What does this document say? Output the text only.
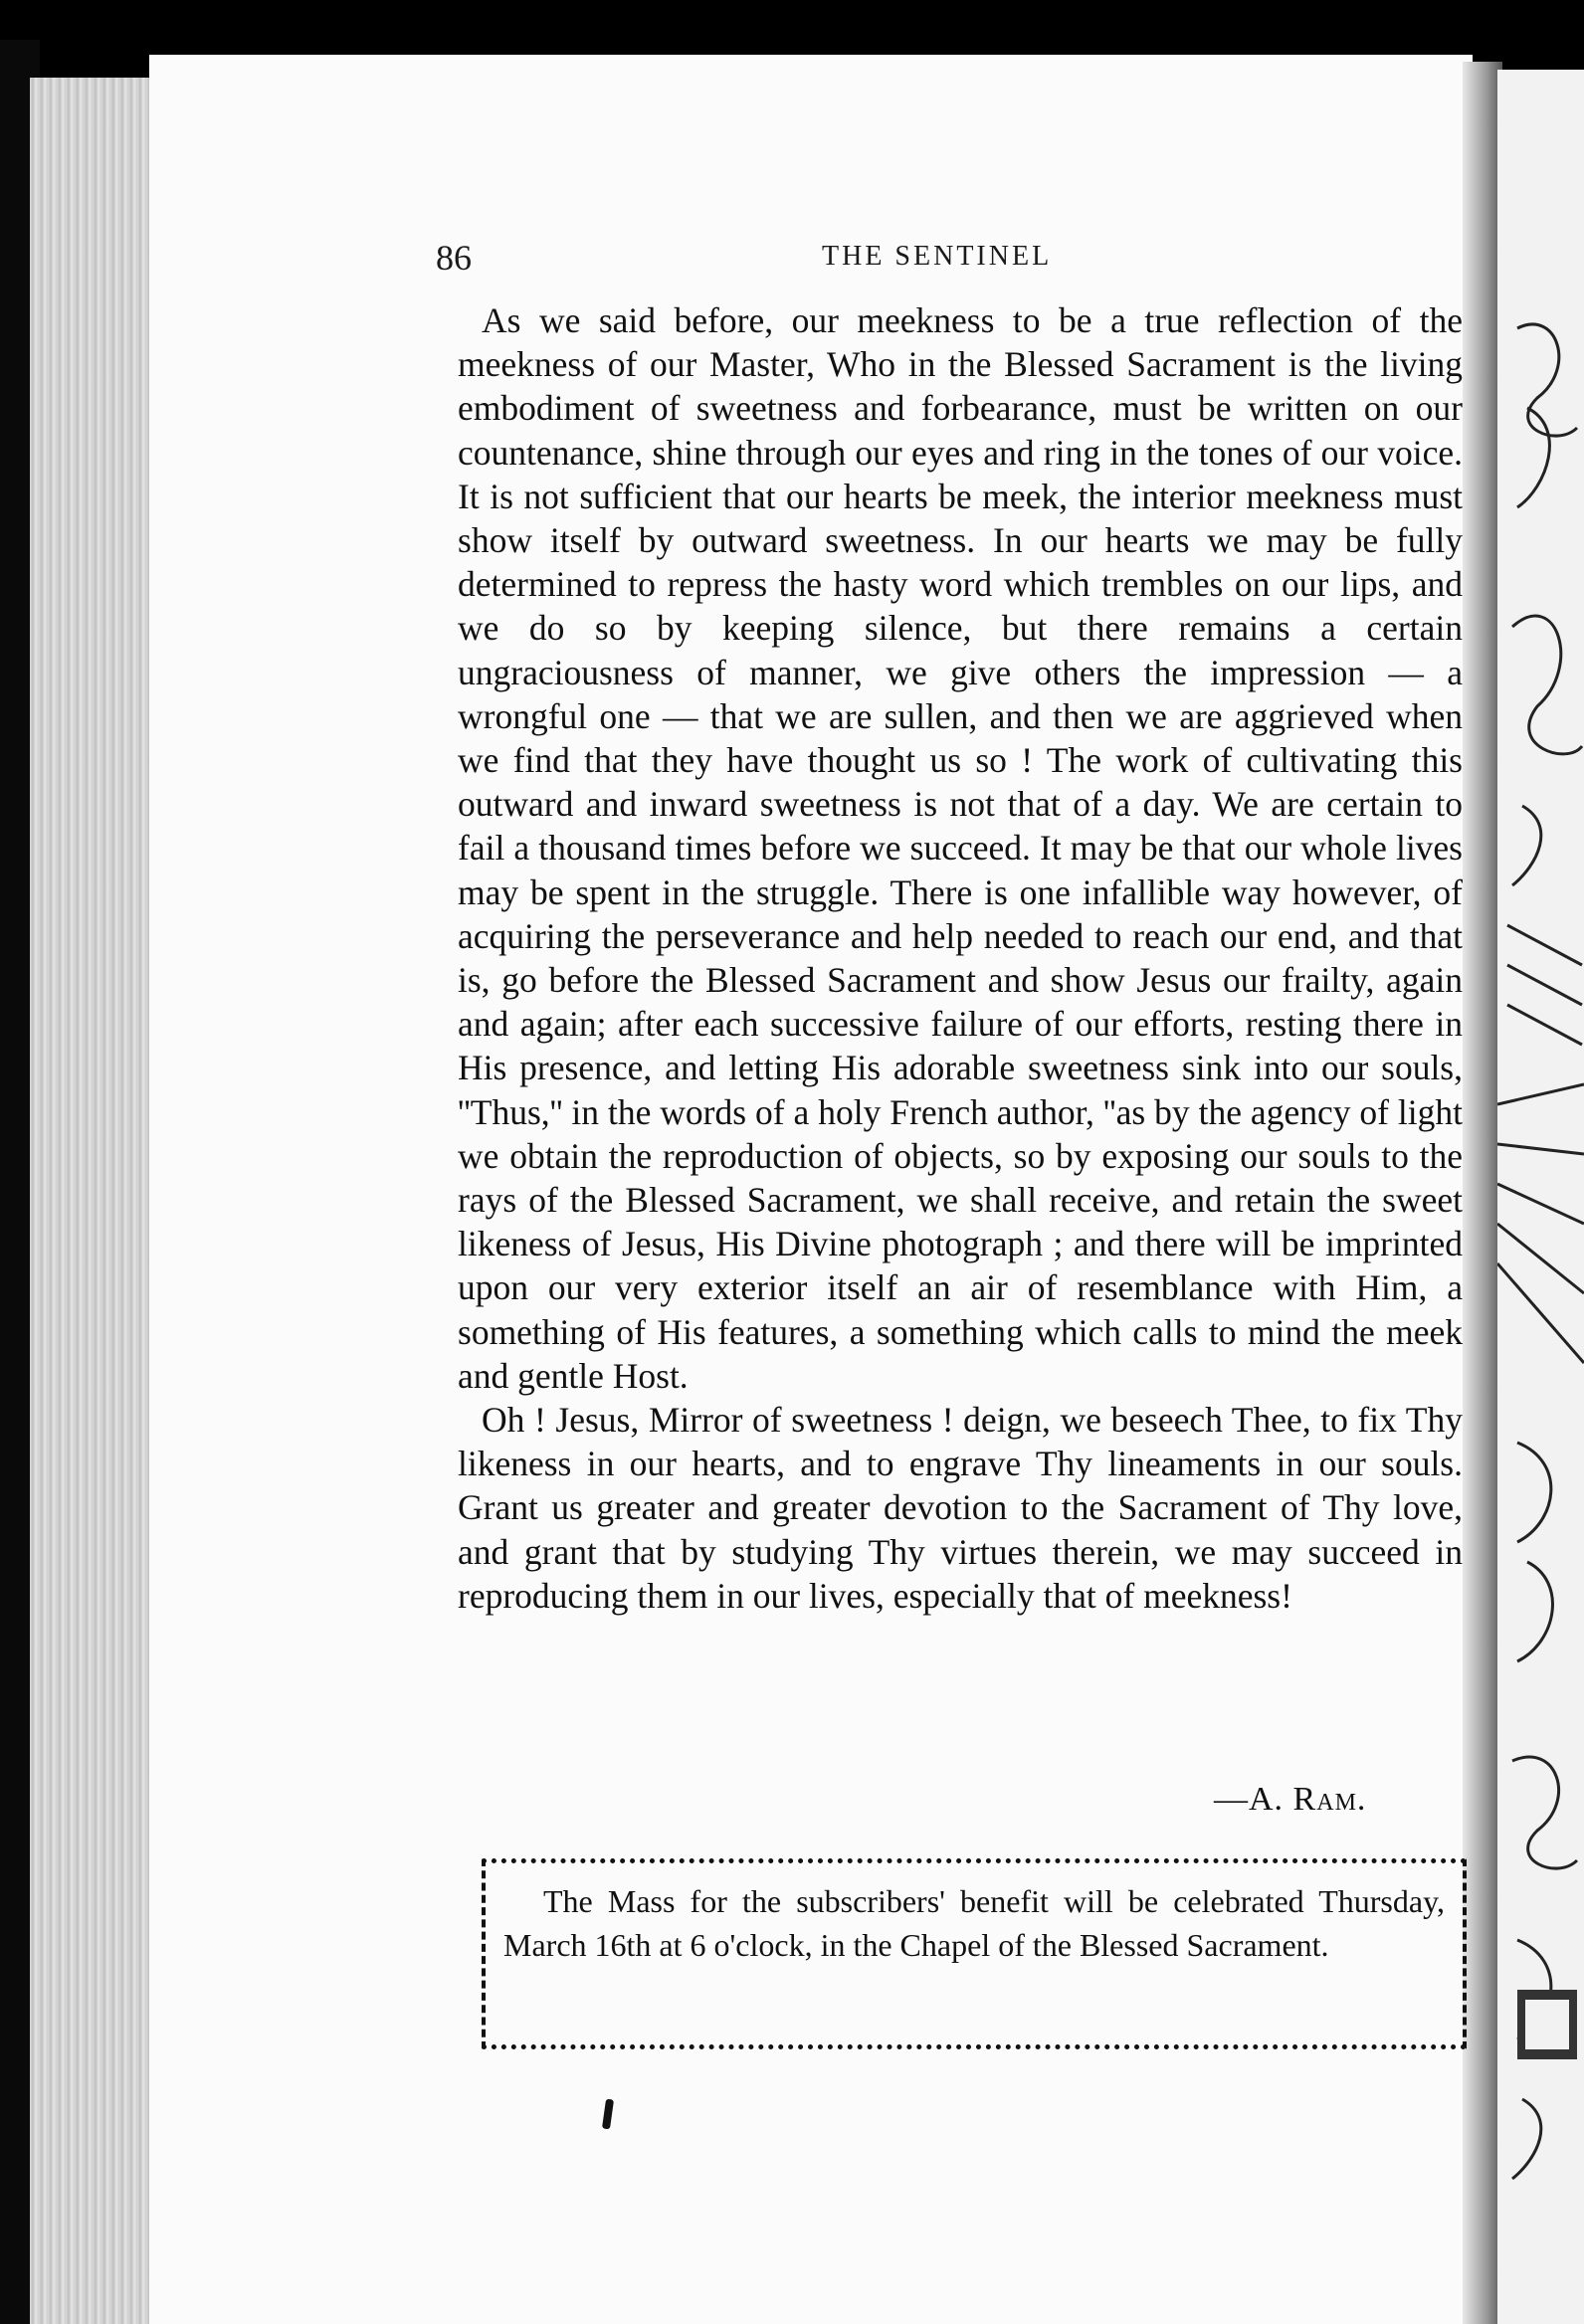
86	THE SENTINEL

As we said before, our meekness to be a true reflection of the meekness of our Master, Who in the Blessed Sacrament is the living embodiment of sweetness and forbearance, must be written on our countenance, shine through our eyes and ring in the tones of our voice. It is not sufficient that our hearts be meek, the interior meekness must show itself by outward sweetness. In our hearts we may be fully determined to repress the hasty word which trembles on our lips, and we do so by keeping silence, but there remains a certain ungraciousness of manner, we give others the impression — a wrongful one — that we are sullen, and then we are aggrieved when we find that they have thought us so ! The work of cultivating this outward and inward sweetness is not that of a day. We are certain to fail a thousand times before we succeed. It may be that our whole lives may be spent in the struggle. There is one infallible way however, of acquiring the perseverance and help needed to reach our end, and that is, go before the Blessed Sacrament and show Jesus our frailty, again and again; after each successive failure of our efforts, resting there in His presence, and letting His adorable sweetness sink into our souls, ''Thus,'' in the words of a holy French author, ''as by the agency of light we obtain the reproduction of objects, so by exposing our souls to the rays of the Blessed Sacrament, we shall receive, and retain the sweet likeness of Jesus, His Divine photograph ; and there will be imprinted upon our very exterior itself an air of resemblance with Him, a something of His features, a something which calls to mind the meek and gentle Host.

Oh ! Jesus, Mirror of sweetness ! deign, we beseech Thee, to fix Thy likeness in our hearts, and to engrave Thy lineaments in our souls. Grant us greater and greater devotion to the Sacrament of Thy love, and grant that by studying Thy virtues therein, we may succeed in reproducing them in our lives, especially that of meekness!

—A. Ram.

The Mass for the subscribers' benefit will be celebrated Thursday, March 16th at 6 o'clock, in the Chapel of the Blessed Sacrament.
